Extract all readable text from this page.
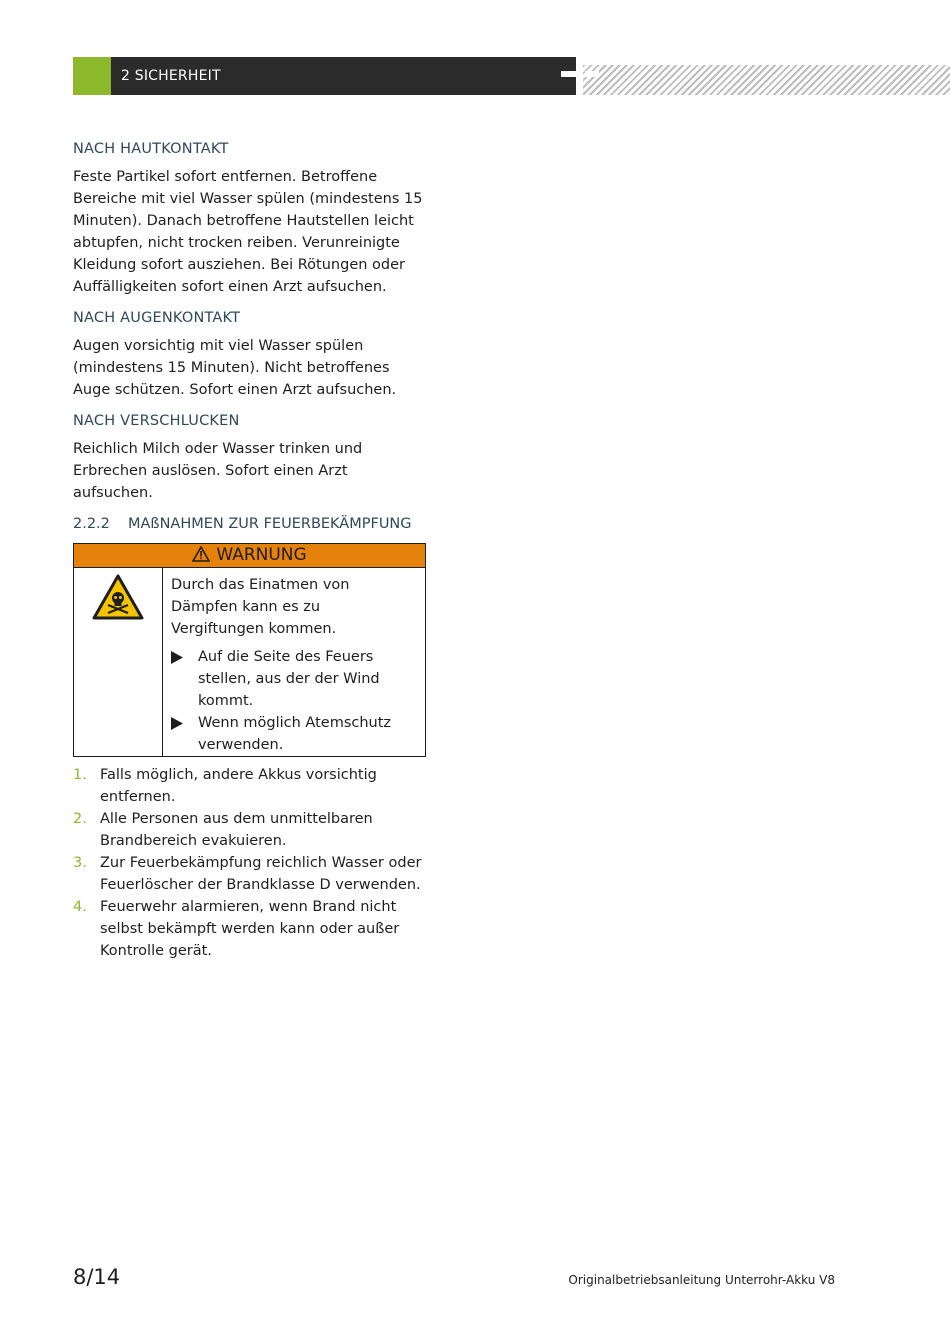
2 SICHERHEIT
NACH HAUTKONTAKT

Feste Partikel sofort entfernen. Betroffene Bereiche mit viel Wasser spülen (mindestens 15 Minuten). Danach betroffene Hautstellen leicht abtupfen, nicht trocken reiben. Verunreinigte Kleidung sofort ausziehen. Bei Rötungen oder Auffälligkeiten sofort einen Arzt aufsuchen.

NACH AUGENKONTAKT

Augen vorsichtig mit viel Wasser spülen (mindestens 15 Minuten). Nicht betroffenes Auge schützen. Sofort einen Arzt aufsuchen.

NACH VERSCHLUCKEN

Reichlich Milch oder Wasser trinken und Erbrechen auslösen. Sofort einen Arzt aufsuchen.

2.2.2	MAßNAHMEN ZUR FEUERBEKÄMPFUNG
WARNUNG

Durch das Einatmen von Dämpfen kann es zu Vergiftungen kommen.

Auf die Seite des Feuers stellen, aus der der Wind kommt.
Wenn möglich Atemschutz verwenden.
1. Falls möglich, andere Akkus vorsichtig entfernen.
2. Alle Personen aus dem unmittelbaren Brandbereich evakuieren.
3. Zur Feuerbekämpfung reichlich Wasser oder Feuerlöscher der Brandklasse D verwenden.
4. Feuerwehr alarmieren, wenn Brand nicht selbst bekämpft werden kann oder außer Kontrolle gerät.
8/14	Originalbetriebsanleitung Unterrohr-Akku V8
